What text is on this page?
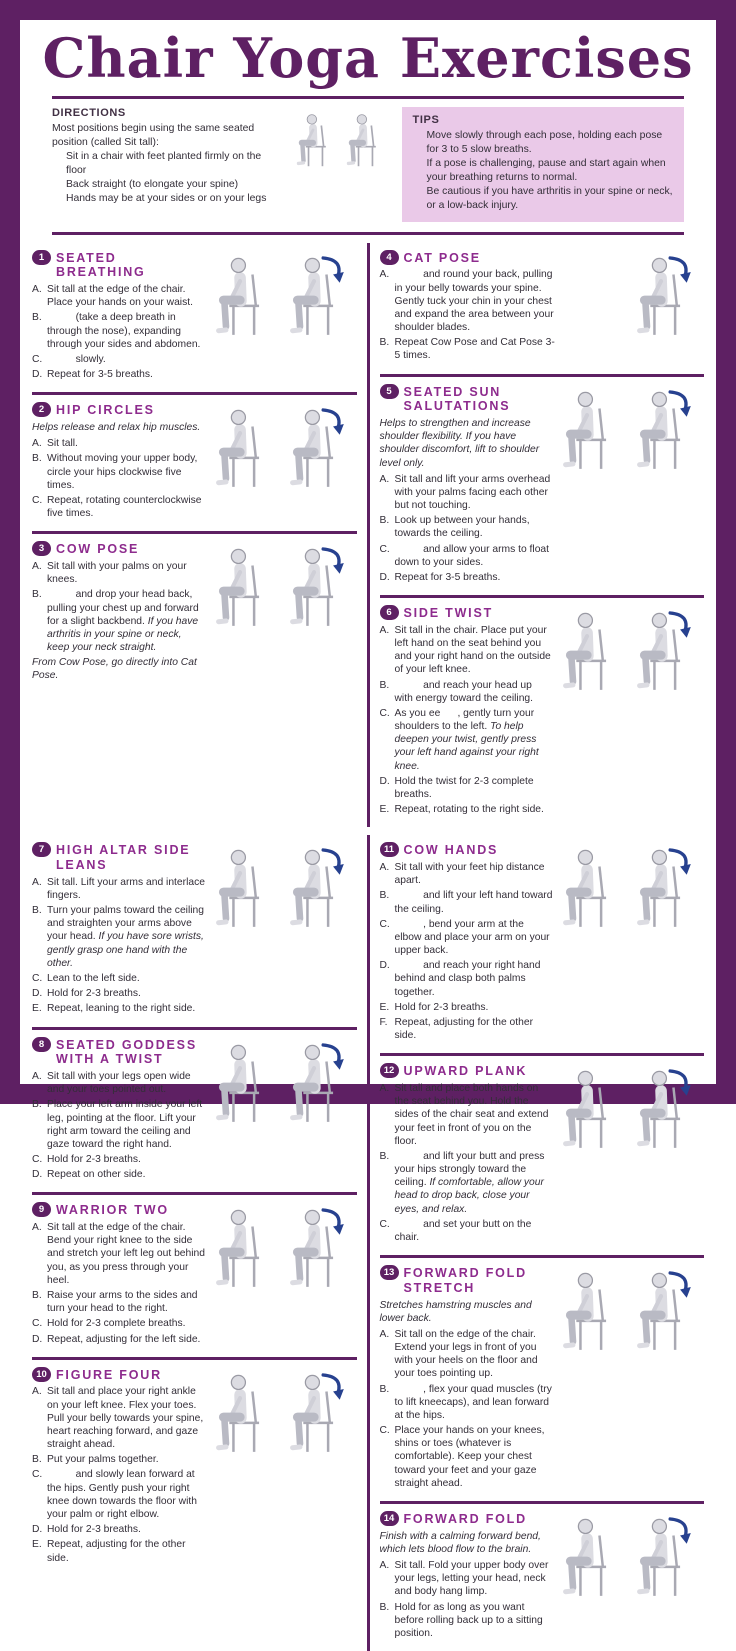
Chair Yoga Exercises
DIRECTIONS
Most positions begin using the same seated position (called Sit tall):
Sit in a chair with feet planted firmly on the floor
Back straight (to elongate your spine)
Hands may be at your sides or on your legs
TIPS
Move slowly through each pose, holding each pose for 3 to 5 slow breaths.
If a pose is challenging, pause and start again when your breathing returns to normal.
Be cautious if you have arthritis in your spine or neck, or a low-back injury.
1 SEATED BREATHING
A. Sit tall at the edge of the chair. Place your hands on your waist.
B. (take a deep breath in through the nose), expanding through your sides and abdomen.
C. slowly.
D. Repeat for 3-5 breaths.
2 HIP CIRCLES
Helps release and relax hip muscles.
A. Sit tall.
B. Without moving your upper body, circle your hips clockwise five times.
C. Repeat, rotating counterclockwise five times.
3 COW POSE
A. Sit tall with your palms on your knees.
B. and drop your head back, pulling your chest up and forward for a slight backbend. If you have arthritis in your spine or neck, keep your neck straight.
From Cow Pose, go directly into Cat Pose.
4 CAT POSE
A. and round your back, pulling in your belly towards your spine. Gently tuck your chin in your chest and expand the area between your shoulder blades.
B. Repeat Cow Pose and Cat Pose 3-5 times.
5 SEATED SUN SALUTATIONS
Helps to strengthen and increase shoulder flexibility. If you have shoulder discomfort, lift to shoulder level only.
A. Sit tall and lift your arms overhead with your palms facing each other but not touching.
B. Look up between your hands, towards the ceiling.
C. and allow your arms to float down to your sides.
D. Repeat for 3-5 breaths.
6 SIDE TWIST
A. Sit tall in the chair. Place put your left hand on the seat behind you and your right hand on the outside of your left knee.
B. and reach your head up with energy toward the ceiling.
C. As you ee      , gently turn your shoulders to the left. To help deepen your twist, gently press your left hand against your right knee.
D. Hold the twist for 2-3 complete breaths.
E. Repeat, rotating to the right side.
7 HIGH ALTAR SIDE LEANS
A. Sit tall. Lift your arms and interlace fingers.
B. Turn your palms toward the ceiling and straighten your arms above your head. If you have sore wrists, gently grasp one hand with the other.
C. Lean to the left side.
D. Hold for 2-3 breaths.
E. Repeat, leaning to the right side.
8 SEATED GODDESS WITH A TWIST
A. Sit tall with your legs open wide and your toes pointed out.
B. Place your left arm inside your left leg, pointing at the floor. Lift your right arm toward the ceiling and gaze toward the right hand.
C. Hold for 2-3 breaths.
D. Repeat on other side.
9 WARRIOR TWO
A. Sit tall at the edge of the chair. Bend your right knee to the side and stretch your left leg out behind you, as you press through your heel.
B. Raise your arms to the sides and turn your head to the right.
C. Hold for 2-3 complete breaths.
D. Repeat, adjusting for the left side.
10 FIGURE FOUR
A. Sit tall and place your right ankle on your left knee. Flex your toes. Pull your belly towards your spine, heart reaching forward, and gaze straight ahead.
B. Put your palms together.
C. and slowly lean forward at the hips. Gently push your right knee down towards the floor with your palm or right elbow.
D. Hold for 2-3 breaths.
E. Repeat, adjusting for the other side.
11 COW HANDS
A. Sit tall with your feet hip distance apart.
B. and lift your left hand toward the ceiling.
C. , bend your arm at the elbow and place your arm on your upper back.
D. and reach your right hand behind and clasp both palms together.
E. Hold for 2-3 breaths.
F. Repeat, adjusting for the other side.
12 UPWARD PLANK
A. Sit tall and place both hands on the seat behind you. Hold the sides of the chair seat and extend your feet in front of you on the floor.
B. and lift your butt and press your hips strongly toward the ceiling. If comfortable, allow your head to drop back, close your eyes, and relax.
C. and set your butt on the chair.
13 FORWARD FOLD STRETCH
Stretches hamstring muscles and lower back.
A. Sit tall on the edge of the chair. Extend your legs in front of you with your heels on the floor and your toes pointing up.
B. , flex your quad muscles (try to lift kneecaps), and lean forward at the hips.
C. Place your hands on your knees, shins or toes (whatever is comfortable). Keep your chest toward your feet and your gaze straight ahead.
14 FORWARD FOLD
Finish with a calming forward bend, which lets blood flow to the brain.
A. Sit tall. Fold your upper body over your legs, letting your head, neck and body hang limp.
B. Hold for as long as you want before rolling back up to a sitting position.
